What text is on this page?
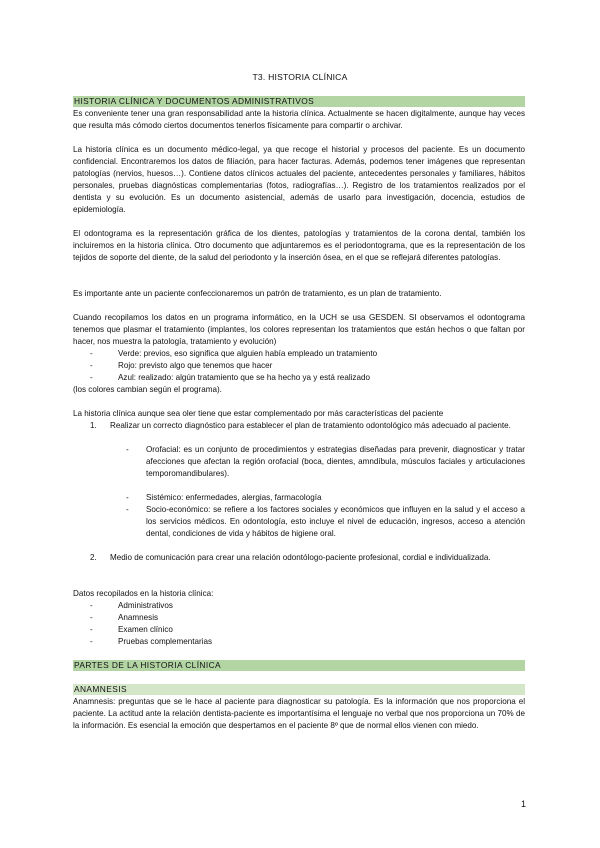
T3. HISTORIA CLÍNICA
HISTORIA CLÍNICA Y DOCUMENTOS ADMINISTRATIVOS

Es conveniente tener una gran responsabilidad ante la historia clínica. Actualmente se hacen digitalmente, aunque hay veces que resulta más cómodo ciertos documentos tenerlos físicamente para compartir o archivar.

La historia clínica es un documento médico-legal, ya que recoge el historial y procesos del paciente. Es un documento confidencial. Encontraremos los datos de filiación, para hacer facturas. Además, podemos tener imágenes que representan patologías (nervios, huesos…). Contiene datos clínicos actuales del paciente, antecedentes personales y familiares, hábitos personales, pruebas diagnósticas complementarias (fotos, radiografías…). Registro de los tratamientos realizados por el dentista y su evolución. Es un documento asistencial, además de usarlo para investigación, docencia, estudios de epidemiología.

El odontograma es la representación gráfica de los dientes, patologías y tratamientos de la corona dental, también los incluiremos en la historia clínica. Otro documento que adjuntaremos es el periodontograma, que es la representación de los tejidos de soporte del diente, de la salud del periodonto y la inserción ósea, en el que se reflejará diferentes patologías.

Es importante ante un paciente confeccionaremos un patrón de tratamiento, es un plan de tratamiento.

Cuando recopilamos los datos en un programa informático, en la UCH se usa GESDEN. SI observamos el odontograma tenemos que plasmar el tratamiento (implantes, los colores representan los tratamientos que están hechos o que faltan por hacer, nos muestra la patología, tratamiento y evolución)

-	Verde: previos, eso significa que alguien había empleado un tratamiento
-	Rojo: previsto algo que tenemos que hacer
-	Azul: realizado: algún tratamiento que se ha hecho ya y está realizado

(los colores cambian según el programa).

La historia clínica aunque sea oler tiene que estar complementado por más características del paciente

1.	Realizar un correcto diagnóstico para establecer el plan de tratamiento odontológico más adecuado al paciente.
-	Orofacial: es un conjunto de procedimientos y estrategias diseñadas para prevenir, diagnosticar y tratar afecciones que afectan la región orofacial (boca, dientes, amndíbula, músculos faciales y articulaciones temporomandibulares).
-	Sistémico: enfermedades, alergias, farmacología
-	Socio-económico: se refiere a los factores sociales y económicos que influyen en la salud y el acceso a los servicios médicos. En odontología, esto incluye el nivel de educación, ingresos, acceso a atención dental, condiciones de vida y hábitos de higiene oral.
2.	Medio de comunicación para crear una relación odontólogo-paciente profesional, cordial e individualizada.

Datos recopilados en la historia clínica:

-	Administrativos
-	Anamnesis
-	Examen clínico
-	Pruebas complementarias
PARTES DE LA HISTORIA CLÍNICA
ANAMNESIS

Anamnesis: preguntas que se le hace al paciente para diagnosticar su patología. Es la información que nos proporciona el paciente. La actitud ante la relación dentista-paciente es importantísima el lenguaje no verbal que nos proporciona un 70% de la información. Es esencial la emoción que despertamos en el paciente 8º que de normal ellos vienen con miedo.

1
